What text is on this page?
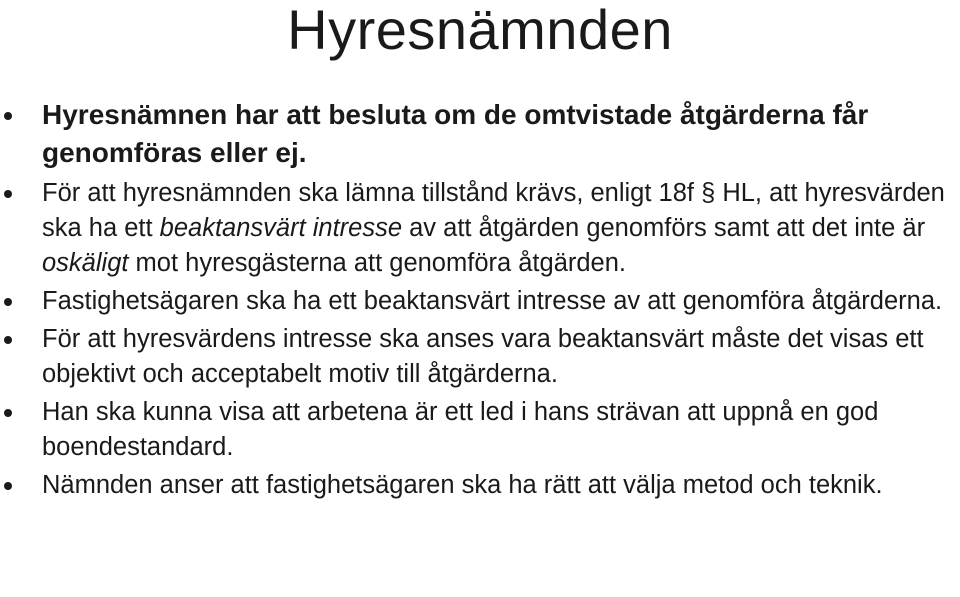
Hyresnämnden
Hyresnämnen har att besluta om de omtvistade åtgärderna får genomföras eller ej.
För att hyresnämnden ska lämna tillstånd krävs, enligt 18f § HL, att hyresvärden ska ha ett beaktansvärt intresse av att åtgärden genomförs samt att det inte är oskäligt mot hyresgästerna att genomföra åtgärden.
Fastighetsägaren ska ha ett beaktansvärt intresse av att genomföra åtgärderna.
För att hyresvärdens intresse ska anses vara beaktansvärt måste det visas ett objektivt och acceptabelt motiv till åtgärderna.
Han ska kunna visa att arbetena är ett led i hans strävan att uppnå en god boendestandard.
Nämnden anser att fastighetsägaren ska ha rätt att välja metod och teknik.
